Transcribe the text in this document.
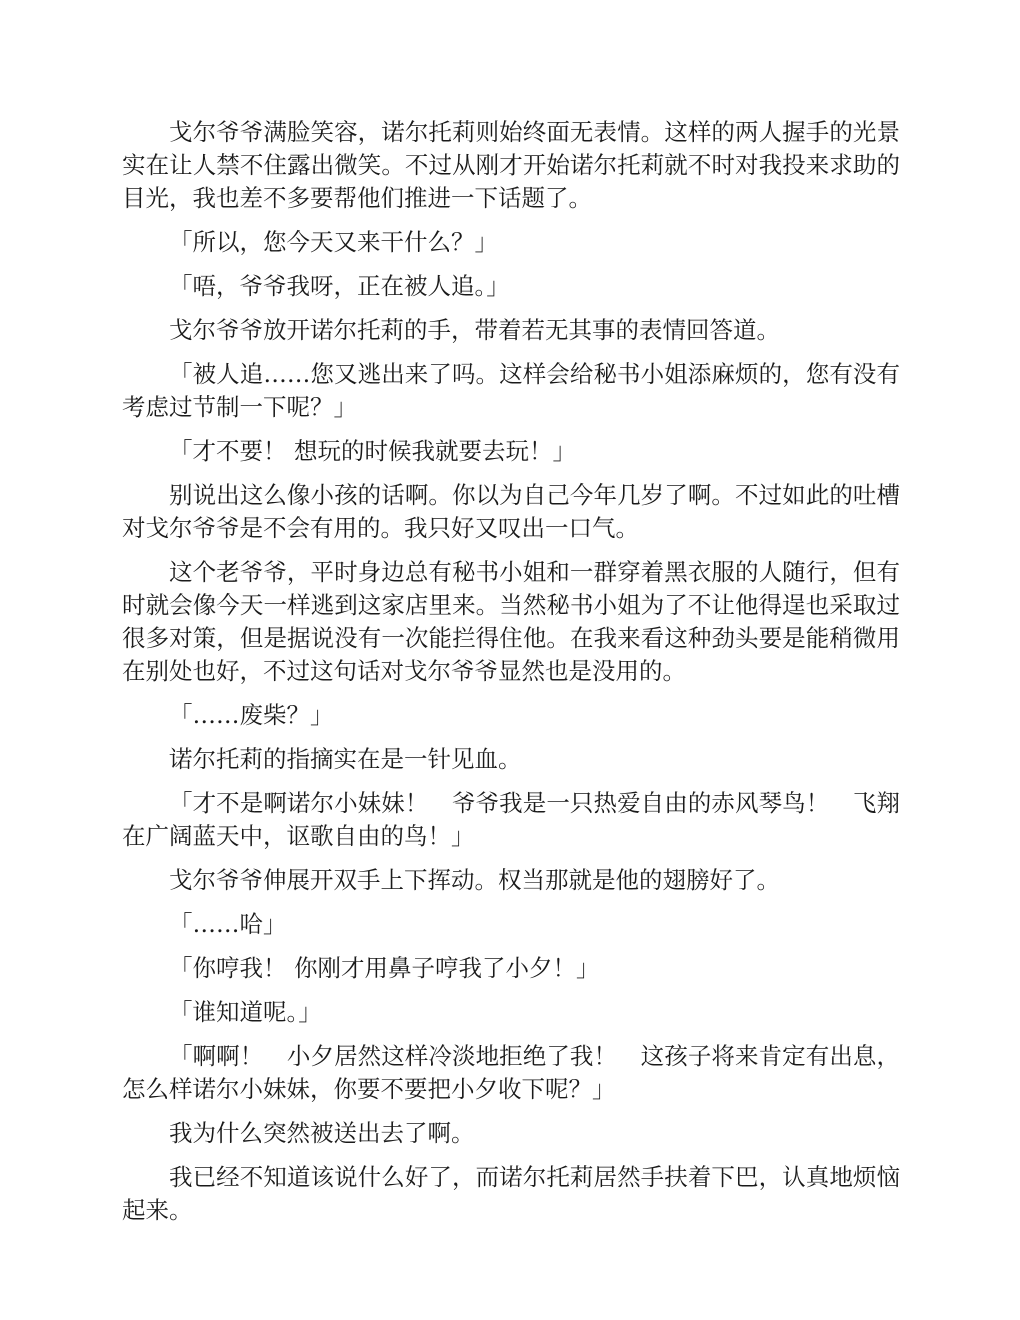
戈尔爷爷满脸笑容，诺尔托莉则始终面无表情。这样的两人握手的光景实在让人禁不住露出微笑。不过从刚才开始诺尔托莉就不时对我投来求助的目光，我也差不多要帮他们推进一下话题了。

「所以，您今天又来干什么？」

「唔，爷爷我呀，正在被人追。」

戈尔爷爷放开诺尔托莉的手，带着若无其事的表情回答道。

「被人追……您又逃出来了吗。这样会给秘书小姐添麻烦的，您有没有考虑过节制一下呢？」

「才不要！ 想玩的时候我就要去玩！」

别说出这么像小孩的话啊。你以为自己今年几岁了啊。不过如此的吐槽对戈尔爷爷是不会有用的。我只好又叹出一口气。

这个老爷爷，平时身边总有秘书小姐和一群穿着黑衣服的人随行，但有时就会像今天一样逃到这家店里来。当然秘书小姐为了不让他得逞也采取过很多对策，但是据说没有一次能拦得住他。在我来看这种劲头要是能稍微用在别处也好，不过这句话对戈尔爷爷显然也是没用的。

「……废柴？」

诺尔托莉的指摘实在是一针见血。

「才不是啊诺尔小妹妹！　爷爷我是一只热爱自由的赤风琴鸟！　飞翔在广阔蓝天中，讴歌自由的鸟！」

戈尔爷爷伸展开双手上下挥动。权当那就是他的翅膀好了。

「……哈」

「你哼我！ 你刚才用鼻子哼我了小夕！」

「谁知道呢。」

「啊啊！　小夕居然这样冷淡地拒绝了我！　这孩子将来肯定有出息，怎么样诺尔小妹妹，你要不要把小夕收下呢？」

我为什么突然被送出去了啊。

我已经不知道该说什么好了，而诺尔托莉居然手扶着下巴，认真地烦恼起来。
